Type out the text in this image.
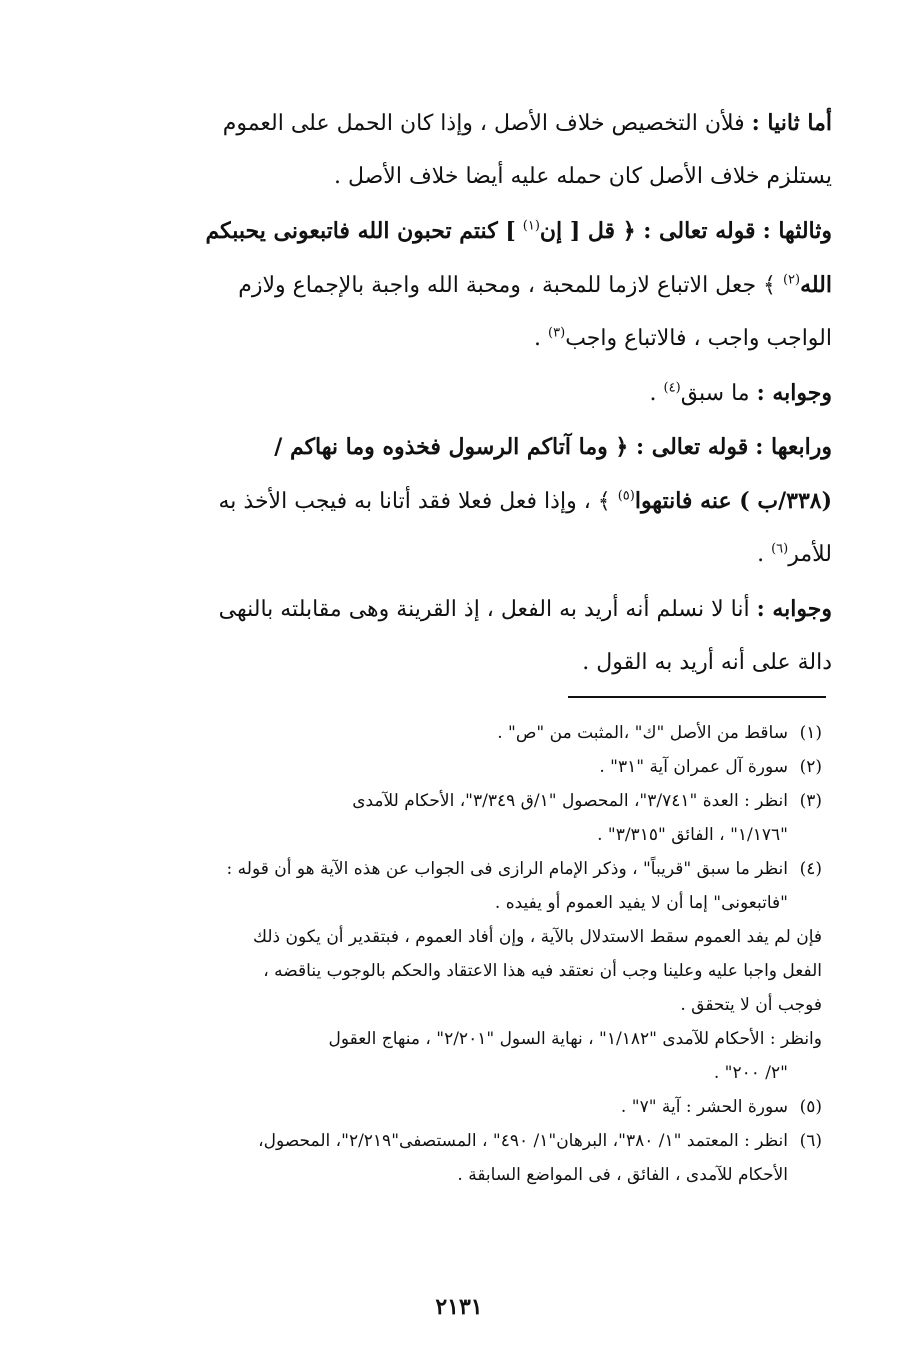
أما ثانيا : فلأن التخصيص خلاف الأصل ، وإذا كان الحمل على العموم
يستلزم خلاف الأصل كان حمله عليه أيضا خلاف الأصل .
وثالثها : قوله تعالى : ﴿ قل [ إن$^{(١)}$ ] كنتم تحبون الله فاتبعونى يحببكم
الله$^{(٢)}$ ﴾ جعل الاتباع لازما للمحبة ، ومحبة الله واجبة بالإجماع ولازم
الواجب واجب ، فالاتباع واجب$^{(٣)}$ .
وجوابه : ما سبق$^{(٤)}$ .
ورابعها : قوله تعالى : ﴿ وما آتاكم الرسول فخذوه وما نهاكم /
(٣٣٨/ب ) عنه فانتهوا$^{(٥)}$ ﴾ ، وإذا فعل فعلا فقد أتانا به فيجب الأخذ به
للأمر$^{(٦)}$ .
وجوابه : أنا لا نسلم أنه أريد به الفعل ، إذ القرينة وهى مقابلته بالنهى
دالة على أنه أريد به القول .
(١)ساقط من الأصل "ك" ،المثبت من "ص" .
(٢)سورة آل عمران آية "٣١" .
(٣)انظر : العدة "٣/٧٤١"، المحصول "١/ق ٣/٣٤٩"، الأحكام للآمدى
"١/١٧٦" ، الفائق "٣/٣١٥" .
(٤)انظر ما سبق "قريباً" ، وذكر الإمام الرازى فى الجواب عن هذه الآية هو أن قوله :
"فاتبعونى" إما أن لا يفيد العموم أو يفيده .
فإن لم يفد العموم سقط الاستدلال بالآية ، وإن أفاد العموم ، فبتقدير أن يكون ذلك
الفعل واجبا عليه وعلينا وجب أن نعتقد فيه هذا الاعتقاد والحكم بالوجوب يناقضه ،
فوجب أن لا يتحقق .
وانظر : الأحكام للآمدى "١/١٨٢" ، نهاية السول "٢/٢٠١" ، منهاج العقول
"٢/ ٢٠٠" .
(٥)سورة الحشر : آية "٧" .
(٦)انظر : المعتمد "١/ ٣٨٠"، البرهان"١/ ٤٩٠" ، المستصفى"٢/٢١٩"، المحصول،
الأحكام للآمدى ، الفائق ، فى المواضع السابقة .
٢١٣١
